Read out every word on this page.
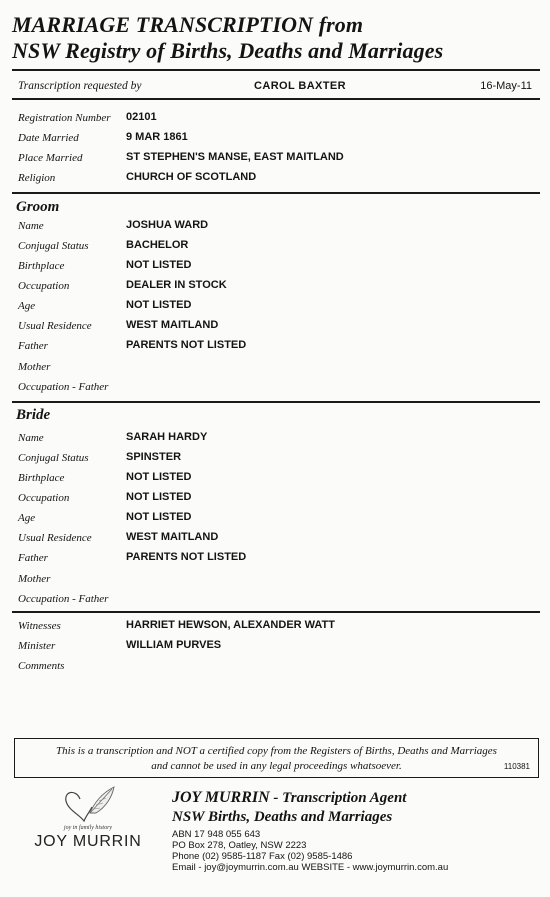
MARRIAGE TRANSCRIPTION from
NSW Registry of Births, Deaths and Marriages
Transcription requested by	CAROL BAXTER	16-May-11
Registration Number 02101
Date Married	9 MAR 1861
Place Married	ST STEPHEN'S MANSE, EAST MAITLAND
Religion	CHURCH OF SCOTLAND
Groom
Name	JOSHUA WARD
Conjugal Status	BACHELOR
Birthplace	NOT LISTED
Occupation	DEALER IN STOCK
Age	NOT LISTED
Usual Residence	WEST MAITLAND
Father	PARENTS NOT LISTED
Mother
Occupation - Father
Bride
Name	SARAH HARDY
Conjugal Status	SPINSTER
Birthplace	NOT LISTED
Occupation	NOT LISTED
Age	NOT LISTED
Usual Residence	WEST MAITLAND
Father	PARENTS NOT LISTED
Mother
Occupation - Father
Witnesses	HARRIET HEWSON, ALEXANDER WATT
Minister	WILLIAM PURVES
Comments
This is a transcription and NOT a certified copy from the Registers of Births, Deaths and Marriages and cannot be used in any legal proceedings whatsoever.	110381
joy in family history
JOY MURRIN
JOY MURRIN - Transcription Agent
NSW Births, Deaths and Marriages
ABN 17 948 055 643
PO Box 278, Oatley, NSW 2223
Phone (02) 9585-1187 Fax (02) 9585-1486
Email - joy@joymurrin.com.au WEBSITE - www.joymurrin.com.au
